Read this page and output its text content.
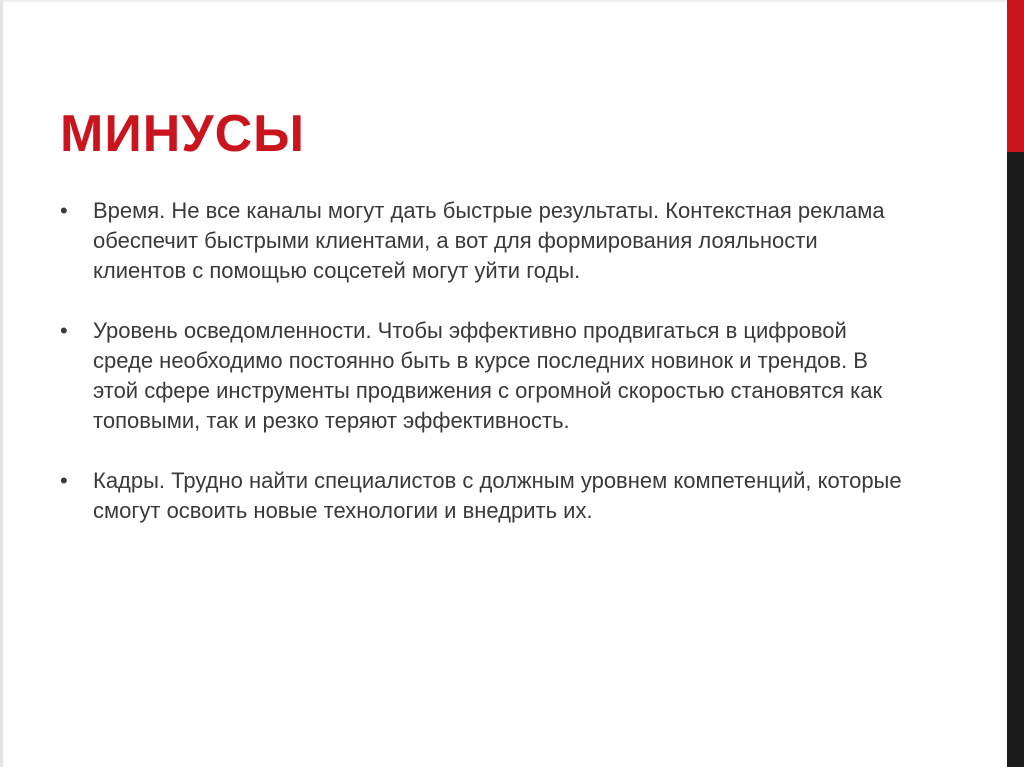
МИНУСЫ
•	Время. Не все каналы могут дать быстрые результаты. Контекстная реклама обеспечит быстрыми клиентами, а вот для формирования лояльности клиентов с помощью соцсетей могут уйти годы.
•	Уровень осведомленности. Чтобы эффективно продвигаться в цифровой среде необходимо постоянно быть в курсе последних новинок и трендов. В этой сфере инструменты продвижения с огромной скоростью становятся как топовыми, так и резко теряют эффективность.
•	Кадры. Трудно найти специалистов с должным уровнем компетенций, которые смогут освоить новые технологии и внедрить их.
